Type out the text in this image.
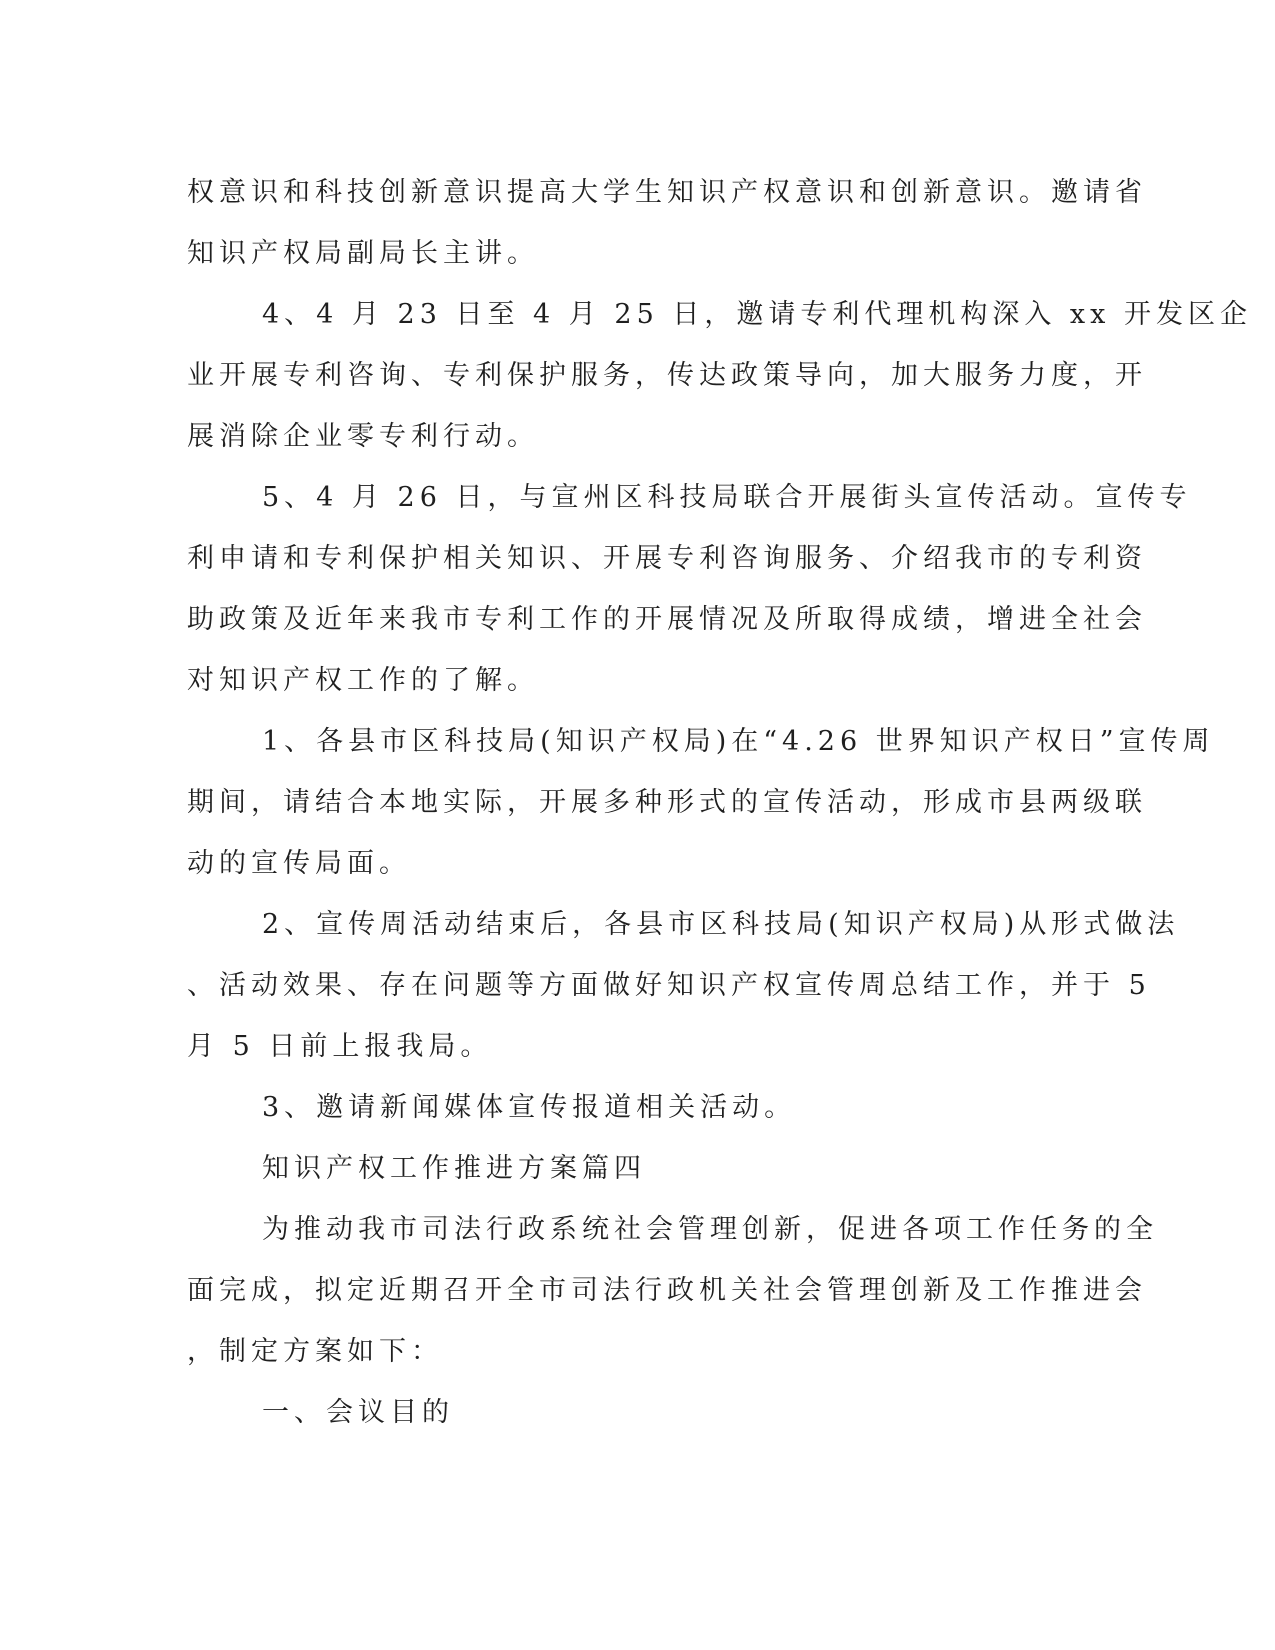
权意识和科技创新意识提高大学生知识产权意识和创新意识。邀请省
知识产权局副局长主讲。
4、4 月 23 日至 4 月 25 日，邀请专利代理机构深入 xx 开发区企
业开展专利咨询、专利保护服务，传达政策导向，加大服务力度，开
展消除企业零专利行动。
5、4 月 26 日，与宣州区科技局联合开展街头宣传活动。宣传专
利申请和专利保护相关知识、开展专利咨询服务、介绍我市的专利资
助政策及近年来我市专利工作的开展情况及所取得成绩，增进全社会
对知识产权工作的了解。
1、各县市区科技局(知识产权局)在“4.26 世界知识产权日”宣传周
期间，请结合本地实际，开展多种形式的宣传活动，形成市县两级联
动的宣传局面。
2、宣传周活动结束后，各县市区科技局(知识产权局)从形式做法
、活动效果、存在问题等方面做好知识产权宣传周总结工作，并于 5
月 5 日前上报我局。
3、邀请新闻媒体宣传报道相关活动。
知识产权工作推进方案篇四
为推动我市司法行政系统社会管理创新，促进各项工作任务的全
面完成，拟定近期召开全市司法行政机关社会管理创新及工作推进会
，制定方案如下：
一、会议目的
